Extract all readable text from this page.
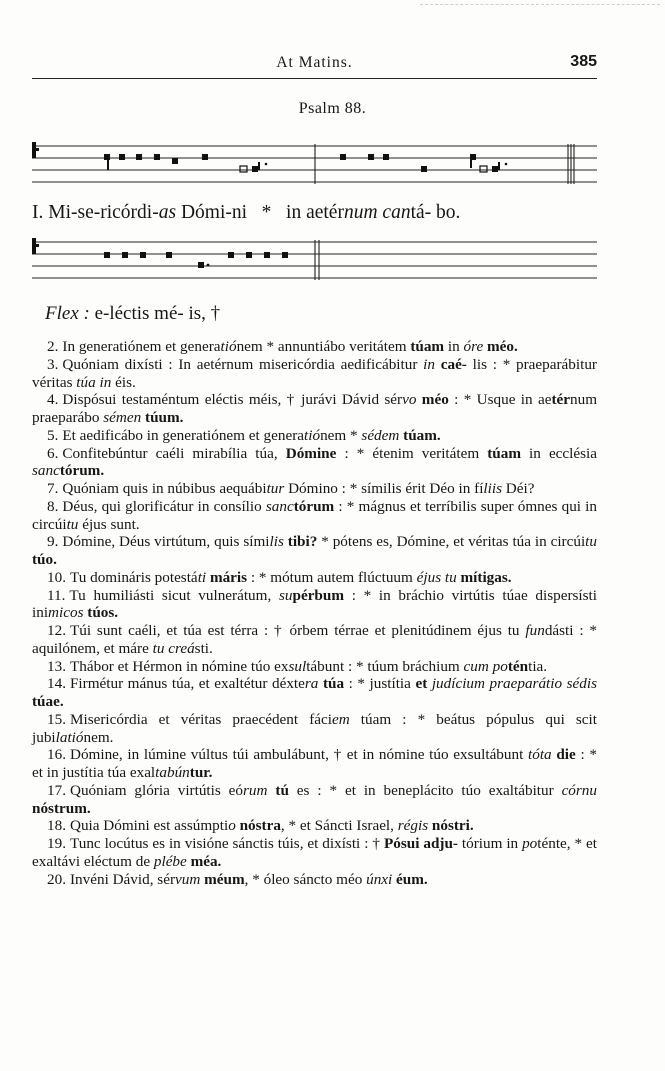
At Matins.	385
Psalm 88.
I. Mi-se-ricórdi-as Dómi-ni   *   in aetérnum cantá- bo.
Flex : e-léctis mé- is, †

2. In generatiónem et generatiónem * annuntiábo veritátem túam in óre méo.

3. Quóniam dixísti : In aetérnum misericórdia aedificábitur in caé- lis : * praeparábitur véritas túa in éis.

4. Dispósui testaméntum eléctis méis, † jurávi Dávid sérvo méo : * Usque in aetérnum praeparábo sémen túum.

5. Et aedificábo in generatiónem et generatiónem * sédem túam.

6. Confitebúntur caéli mirabília túa, Dómine : * étenim veritátem túam in ecclésia sanctórum.

7. Quóniam quis in núbibus aequábitur Dómino : * símilis érit Déo in fíliis Déi?

8. Déus, qui glorificátur in consílio sanctórum : * mágnus et terríbilis super ómnes qui in circúitu éjus sunt.

9. Dómine, Déus virtútum, quis símilis tibi? * pótens es, Dómine, et véritas túa in circúitu túo.

10. Tu domináris potestáti máris : * mótum autem flúctuum éjus tu mítigas.

11. Tu humiliásti sicut vulnerátum, supérbum : * in bráchio virtútis túae dispersísti inimicos túos.

12. Túi sunt caéli, et túa est térra : † órbem térrae et plenitúdinem éjus tu fundásti : * aquilónem, et máre tu creásti.

13. Thábor et Hérmon in nómine túo exsultábunt : * túum bráchium cum poténtia.

14. Firmétur mánus túa, et exaltétur déxtera túa : * justítia et judícium praeparátio sédis túae.

15. Misericórdia et véritas praecédent fáciem túam : * beátus pópulus qui scit jubilatiónem.

16. Dómine, in lúmine vúltus túi ambulábunt, † et in nómine túo exsultábunt tóta die : * et in justítia túa exaltabúntur.

17. Quóniam glória virtútis eórum tú es : * et in beneplácito túo exaltábitur córnu nóstrum.

18. Quia Dómini est assúmptio nóstra, * et Sáncti Israel, régis nóstri.

19. Tunc locútus es in visióne sánctis túis, et dixísti : † Pósui adju- tórium in poténte, * et exaltávi eléctum de plébe méa.

20. Invéni Dávid, sérvum méum, * óleo sáncto méo únxi éum.
